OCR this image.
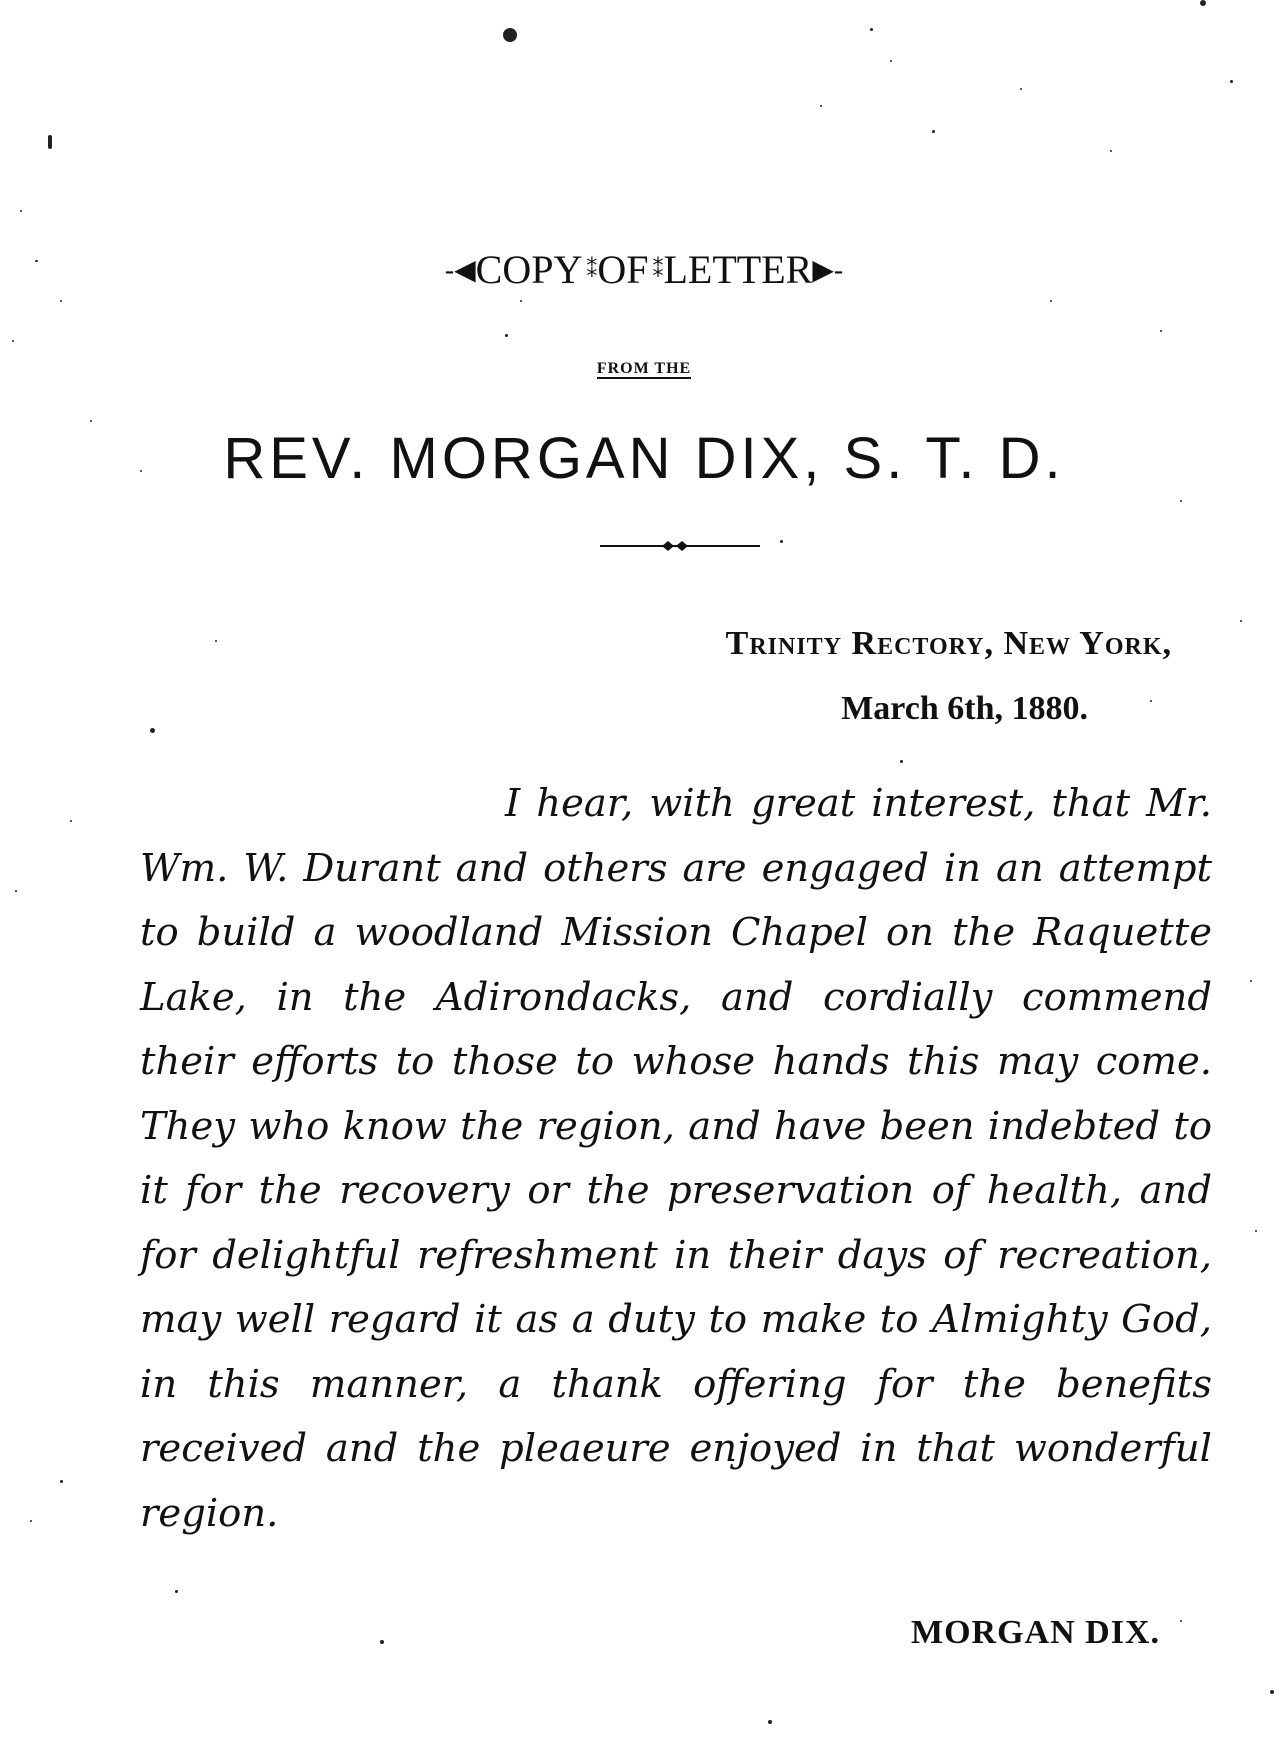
-◀COPY ⁑ OF ⁑ LETTER▶-
FROM THE
REV. MORGAN DIX, S. T. D.
Trinity Rectory, New York,
March 6th, 1880.
I hear, with great interest, that Mr. Wm. W. Durant and others are engaged in an attempt to build a woodland Mission Chapel on the Raquette Lake, in the Adirondacks, and cordially commend their efforts to those to whose hands this may come. They who know the region, and have been indebted to it for the recovery or the preservation of health, and for delightful refreshment in their days of recreation, may well regard it as a duty to make to Almighty God, in this manner, a thank offering for the benefits received and the pleaeure enjoyed in that wonderful region.
MORGAN DIX.
